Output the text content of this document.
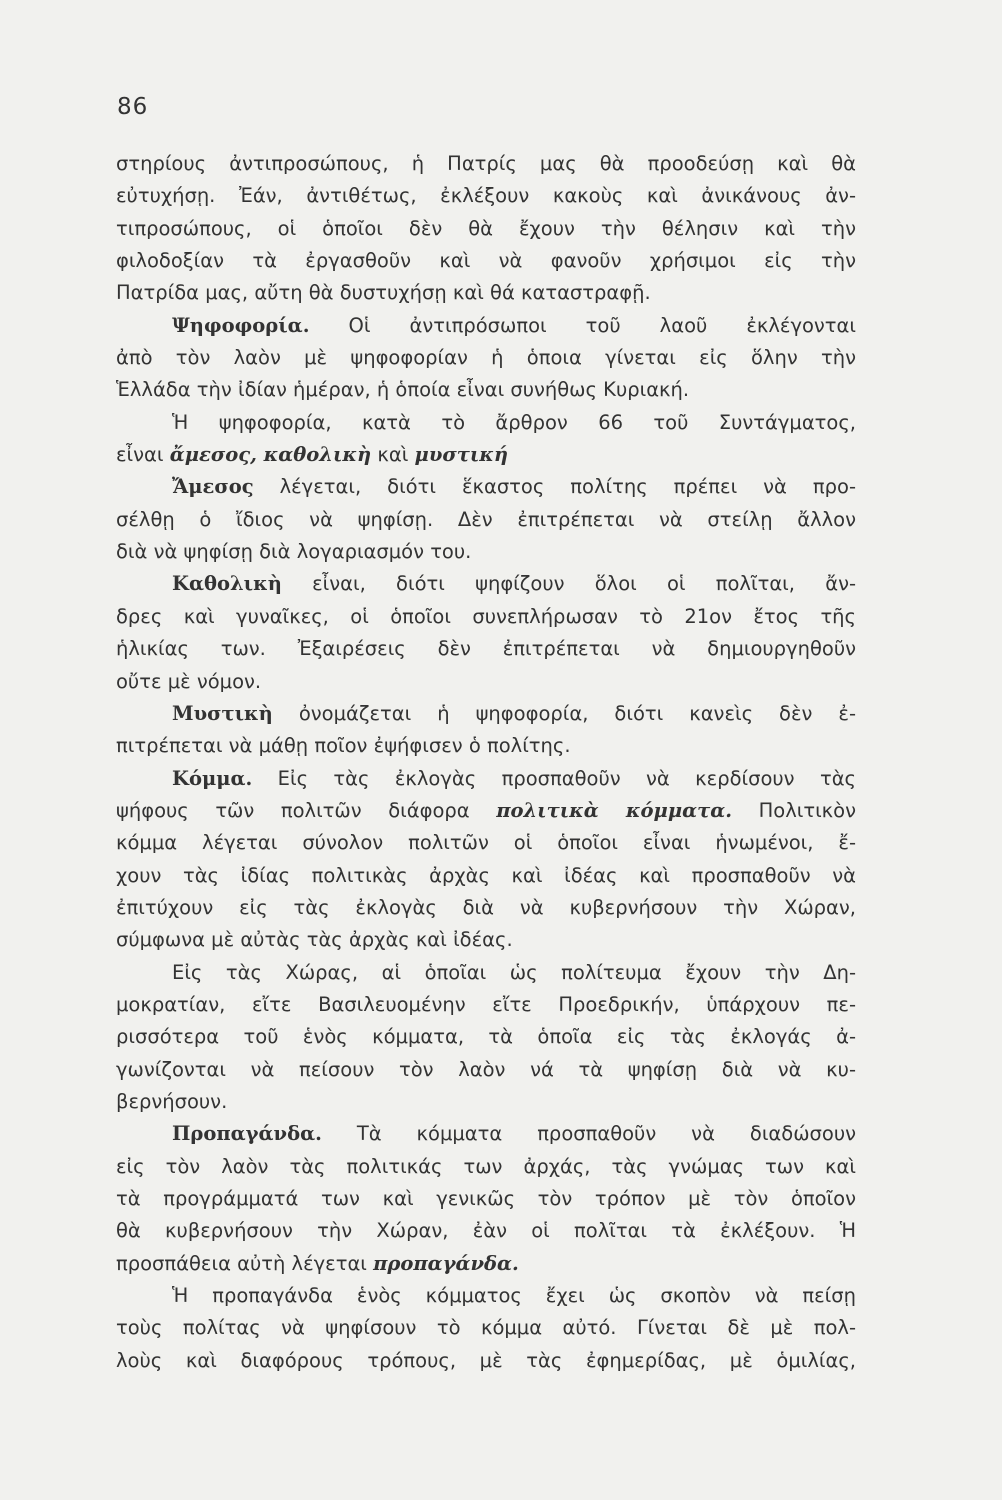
86
στηρίους ἀντιπροσώπους, ἡ Πατρίς μας θὰ προοδεύσῃ καὶ θὰ
εὐτυχήσῃ. Ἐάν, ἀντιθέτως, ἐκλέξουν κακοὺς καὶ ἀνικάνους ἀν-
τιπροσώπους, οἱ ὁποῖοι δὲν θὰ ἔχουν τὴν θέλησιν καὶ τὴν
φιλοδοξίαν τὰ ἐργασθοῦν καὶ νὰ φανοῦν χρήσιμοι εἰς τὴν
Πατρίδα μας, αὔτη θὰ δυστυχήσῃ καὶ θά καταστραφῇ.
Ψηφοφορία. Οἱ ἀντιπρόσωποι τοῦ λαοῦ ἐκλέγονται
ἀπὸ τὸν λαὸν μὲ ψηφοφορίαν ἡ ὁποια γίνεται εἰς ὅλην τὴν
Ἑλλάδα τὴν ἰδίαν ἡμέραν, ἡ ὁποία εἶναι συνήθως Κυριακή.
Ἡ ψηφοφορία, κατὰ τὸ ἄρθρον 66 τοῦ Συντάγματος,
εἶναι ἄμεσος, καθολικὴ καὶ μυστική
Ἄμεσος λέγεται, διότι ἕκαστος πολίτης πρέπει νὰ προ-
σέλθῃ ὁ ἴδιος νὰ ψηφίσῃ. Δὲν ἐπιτρέπεται νὰ στείλῃ ἄλλον
διὰ νὰ ψηφίσῃ διὰ λογαριασμόν του.
Καθολικὴ εἶναι, διότι ψηφίζουν ὅλοι οἱ πολῖται, ἄν-
δρες καὶ γυναῖκες, οἱ ὁποῖοι συνεπλήρωσαν τὸ 21ον ἔτος τῆς
ἡλικίας των. Ἐξαιρέσεις δὲν ἐπιτρέπεται νὰ δημιουργηθοῦν
οὔτε μὲ νόμον.
Μυστικὴ ὀνομάζεται ἡ ψηφοφορία, διότι κανεὶς δὲν ἐ-
πιτρέπεται νὰ μάθῃ ποῖον ἐψήφισεν ὁ πολίτης.
Κόμμα. Εἰς τὰς ἐκλογὰς προσπαθοῦν νὰ κερδίσουν τὰς
ψήφους τῶν πολιτῶν διάφορα πολιτικὰ κόμματα. Πολιτικὸν
κόμμα λέγεται σύνολον πολιτῶν οἱ ὁποῖοι εἶναι ἡνωμένοι, ἔ-
χουν τὰς ἰδίας πολιτικὰς ἀρχὰς καὶ ἰδέας καὶ προσπαθοῦν νὰ
ἐπιτύχουν εἰς τὰς ἐκλογὰς διὰ νὰ κυβερνήσουν τὴν Χώραν,
σύμφωνα μὲ αὐτὰς τὰς ἀρχὰς καὶ ἰδέας.
Εἰς τὰς Χώρας, αἱ ὁποῖαι ὡς πολίτευμα ἔχουν τὴν Δη-
μοκρατίαν, εἴτε Βασιλευομένην εἴτε Προεδρικήν, ὑπάρχουν πε-
ρισσότερα τοῦ ἑνὸς κόμματα, τὰ ὁποῖα εἰς τὰς ἐκλογάς ἀ-
γωνίζονται νὰ πείσουν τὸν λαὸν νά τὰ ψηφίσῃ διὰ νὰ κυ-
βερνήσουν.
Προπαγάνδα. Τὰ κόμματα προσπαθοῦν νὰ διαδώσουν
εἰς τὸν λαὸν τὰς πολιτικάς των ἀρχάς, τὰς γνώμας των καὶ
τὰ προγράμματά των καὶ γενικῶς τὸν τρόπον μὲ τὸν ὁποῖον
θὰ κυβερνήσουν τὴν Χώραν, ἐὰν οἱ πολῖται τὰ ἐκλέξουν. Ἡ
προσπάθεια αὐτὴ λέγεται προπαγάνδα.
Ἡ προπαγάνδα ἑνὸς κόμματος ἔχει ὡς σκοπὸν νὰ πείσῃ
τοὺς πολίτας νὰ ψηφίσουν τὸ κόμμα αὐτό. Γίνεται δὲ μὲ πολ-
λοὺς καὶ διαφόρους τρόπους, μὲ τὰς ἐφημερίδας, μὲ ὁμιλίας,
